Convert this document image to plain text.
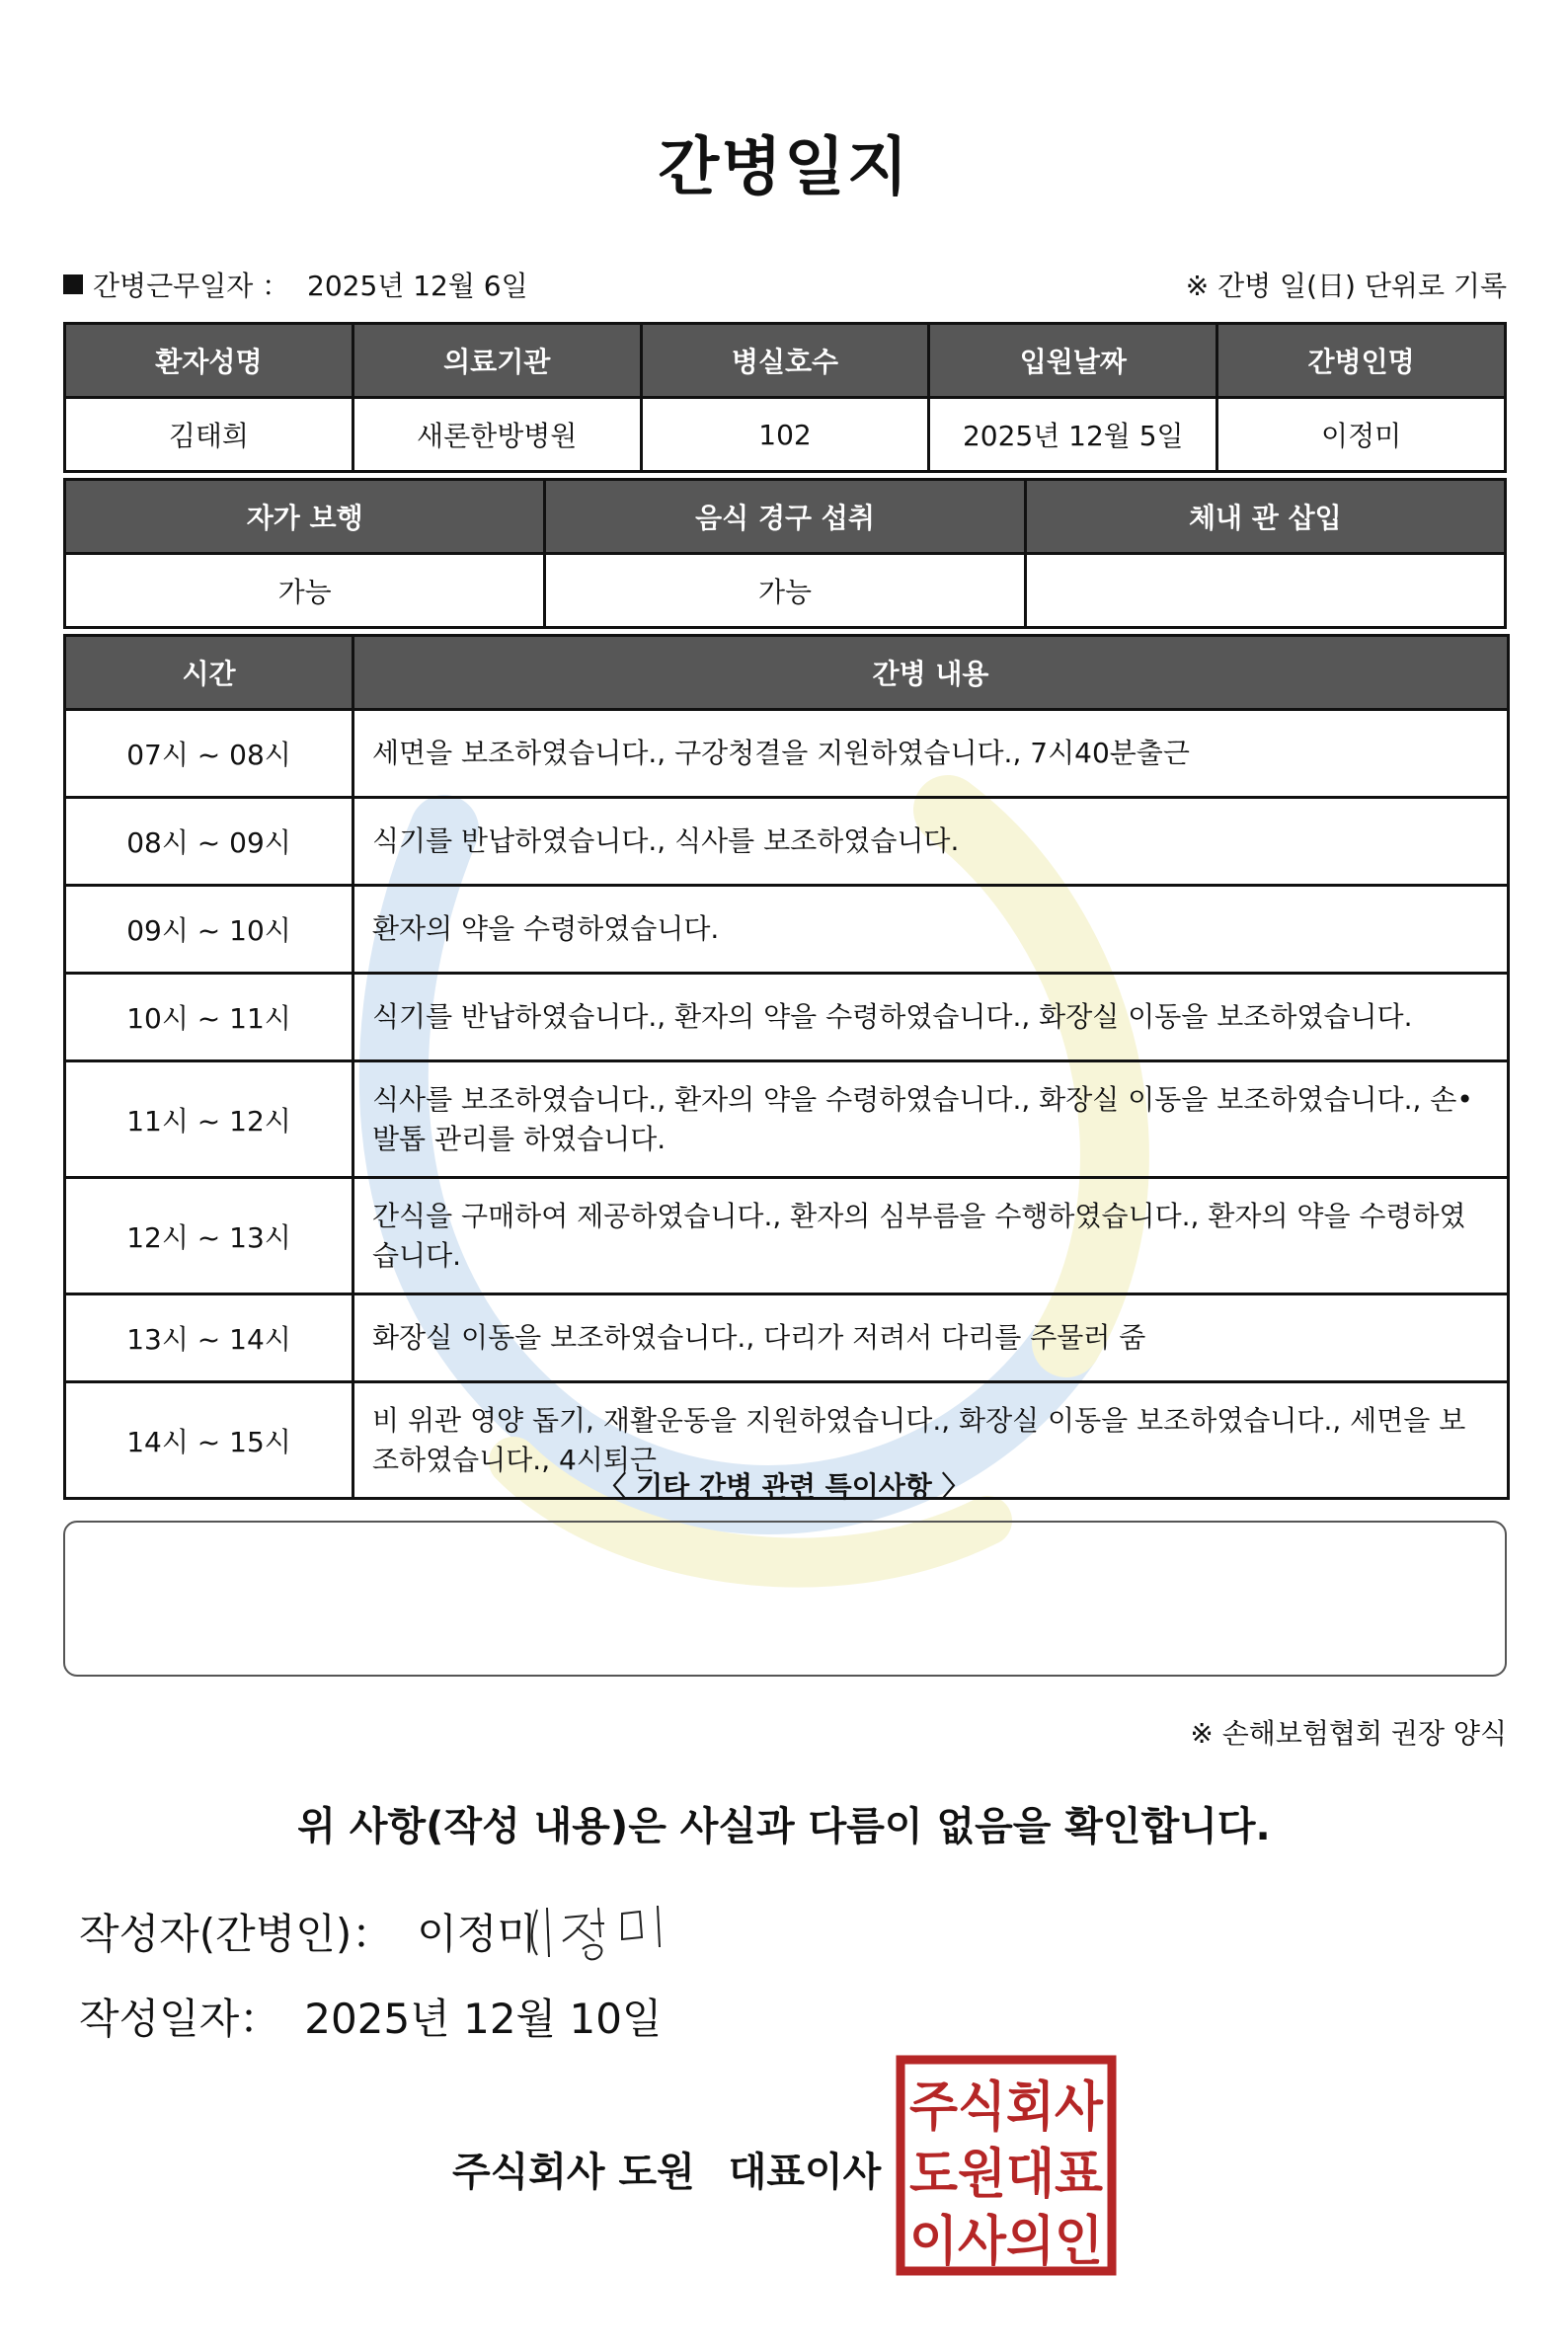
간병일지
간병근무일자 ： 2025년 12월 6일	※ 간병 일(日) 단위로 기록
환자성명	의료기관	병실호수	입원날짜	간병인명
김태희	새론한방병원	102	2025년 12월 5일	이정미
자가 보행	음식 경구 섭취	체내 관 삽입
가능	가능	
시간	간병 내용
07시 ~ 08시	세면을 보조하였습니다., 구강청결을 지원하였습니다., 7시40분출근
08시 ~ 09시	식기를 반납하였습니다., 식사를 보조하였습니다.
09시 ~ 10시	환자의 약을 수령하였습니다.
10시 ~ 11시	식기를 반납하였습니다., 환자의 약을 수령하였습니다., 화장실 이동을 보조하였습니다.
11시 ~ 12시	식사를 보조하였습니다., 환자의 약을 수령하였습니다., 화장실 이동을 보조하였습니다., 손•발톱 관리를 하였습니다.
12시 ~ 13시	간식을 구매하여 제공하였습니다., 환자의 심부름을 수행하였습니다., 환자의 약을 수령하였습니다.
13시 ~ 14시	화장실 이동을 보조하였습니다., 다리가 저려서 다리를 주물러 줌
14시 ~ 15시	비 위관 영양 돕기, 재활운동을 지원하였습니다., 화장실 이동을 보조하였습니다., 세면을 보조하였습니다., 4시퇴근
〈 기타 간병 관련 특이사항 〉
※ 손해보험협회 권장 양식
위 사항(작성 내용)은 사실과 다름이 없음을 확인합니다.
작성자(간병인)： 이정미
작성일자： 2025년 12월 10일
주식회사 도원 대표이사
주식회사
도원대표
이사의인
